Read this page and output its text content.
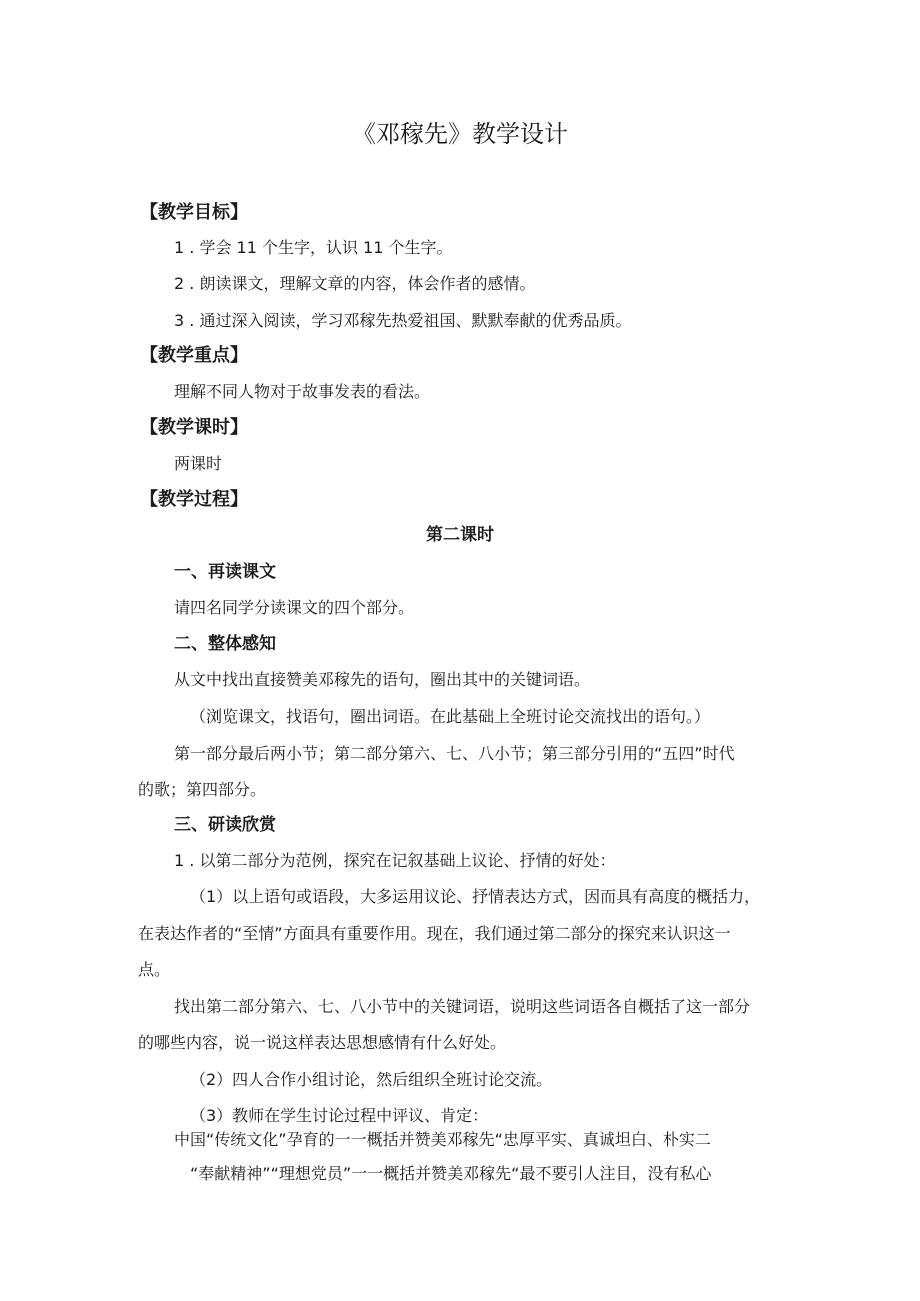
《邓稼先》教学设计
【教学目标】
1 . 学会 11 个生字，认识 11 个生字。
2 . 朗读课文，理解文章的内容，体会作者的感情。
3 . 通过深入阅读，学习邓稼先热爱祖国、默默奉献的优秀品质。
【教学重点】
理解不同人物对于故事发表的看法。
【教学课时】
两课时
【教学过程】
第二课时
一、再读课文
请四名同学分读课文的四个部分。
二、整体感知
从文中找出直接赞美邓稼先的语句，圈出其中的关键词语。
（浏览课文，找语句，圈出词语。在此基础上全班讨论交流找出的语句。）
第一部分最后两小节；第二部分第六、七、八小节；第三部分引用的“五四”时代
的歌；第四部分。
三、研读欣赏
1 . 以第二部分为范例，探究在记叙基础上议论、抒情的好处：
（1）以上语句或语段，大多运用议论、抒情表达方式，因而具有高度的概括力，
在表达作者的“至情”方面具有重要作用。现在，我们通过第二部分的探究来认识这一
点。
找出第二部分第六、七、八小节中的关键词语，说明这些词语各自概括了这一部分
的哪些内容，说一说这样表达思想感情有什么好处。
（2）四人合作小组讨论，然后组织全班讨论交流。
（3）教师在学生讨论过程中评议、肯定：
中国“传统文化”孕育的一一概括并赞美邓稼先“忠厚平实、真诚坦白、朴实二
“奉献精神”“理想党员”一一概括并赞美邓稼先“最不要引人注目，没有私心
